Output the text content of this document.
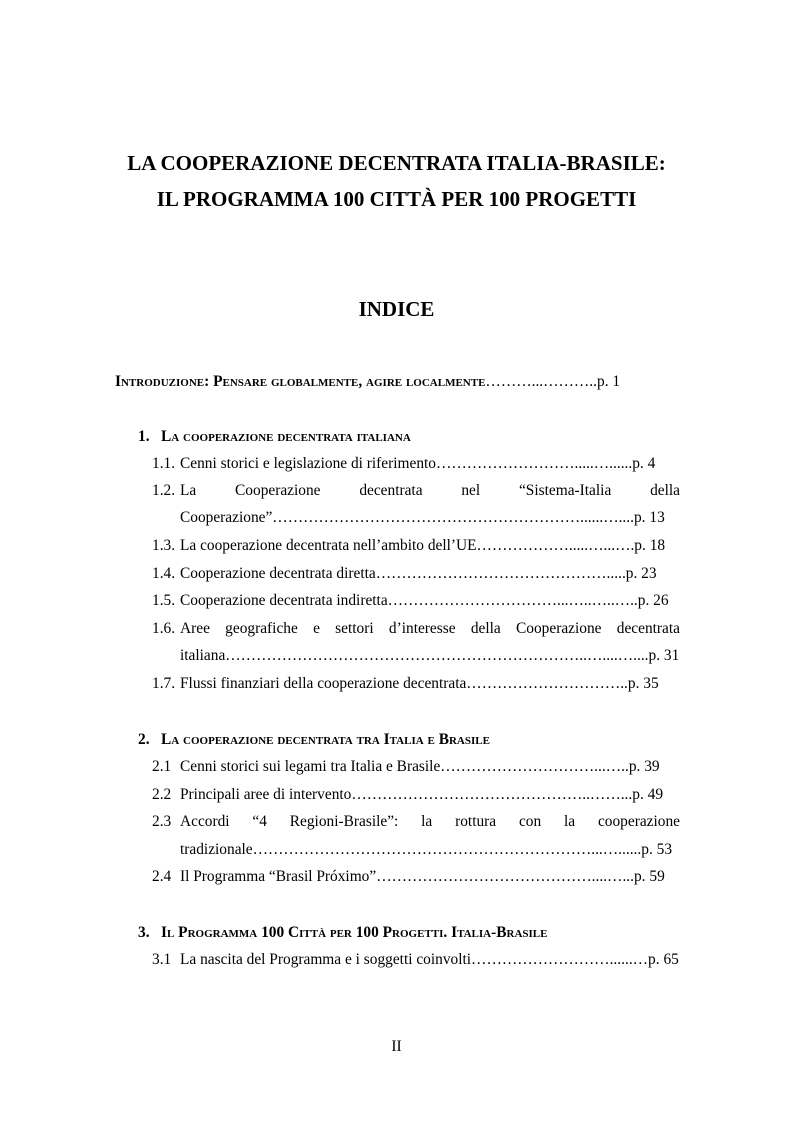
LA COOPERAZIONE DECENTRATA ITALIA-BRASILE:
IL PROGRAMMA 100 CITTÀ PER 100 PROGETTI
INDICE
Introduzione: Pensare globalmente, agire localmente………...………..p. 1
1. La cooperazione decentrata italiana
1.1. Cenni storici e legislazione di riferimento……………………….....…......p. 4
1.2. La Cooperazione decentrata nel “Sistema-Italia della
Cooperazione”……………………………………………………......…....p. 13
1.3. La cooperazione decentrata nell’ambito dell’UE……………….....…...….p. 18
1.4. Cooperazione decentrata diretta……………………………………….....p. 23
1.5. Cooperazione decentrata indiretta……………………………...…..…..…..p. 26
1.6. Aree geografiche e settori d’interesse della Cooperazione decentrata
italiana……………………………………………………………..…....…....p. 31
1.7. Flussi finanziari della cooperazione decentrata…………………………..p. 35
2. La cooperazione decentrata tra Italia e Brasile
2.1 Cenni storici sui legami tra Italia e Brasile…………………………...…..p. 39
2.2 Principali aree di intervento………………………………………..……...p. 49
2.3 Accordi “4 Regioni-Brasile”: la rottura con la cooperazione
tradizionale…………………………………………………………...…......p. 53
2.4 Il Programma “Brasil Próximo”……………………………………....…...p. 59
3. Il Programma 100 Città per 100 Progetti. Italia-Brasile
3.1 La nascita del Programma e i soggetti coinvolti………………………......…p. 65
II
